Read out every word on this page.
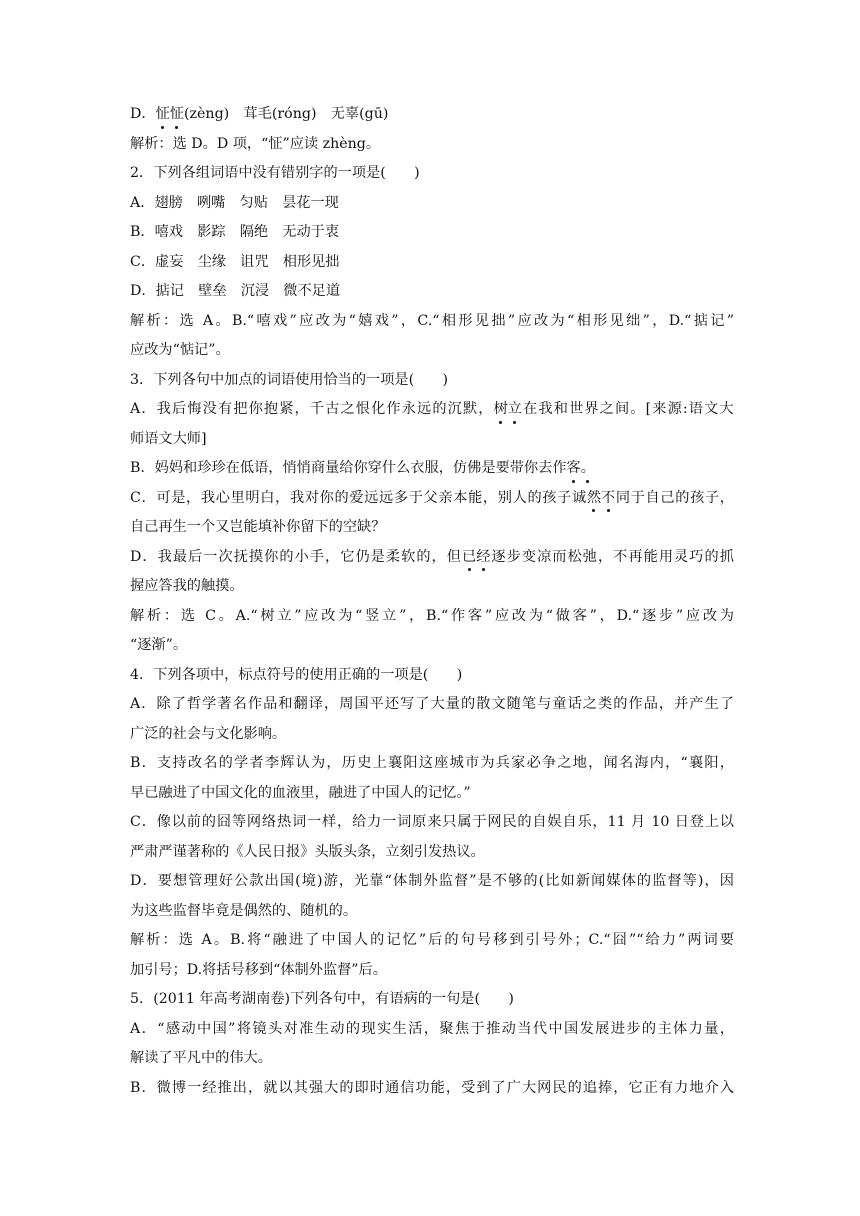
D．怔怔(zèng)　 茸毛(róng)　 无辜(gū)
解析：选 D。D 项，“怔”应读 zhèng。
2．下列各组词语中没有错别字的一项是(　　)
A．翅膀　咧嘴　匀贴　昙花一现
B．嘻戏　影踪　隔绝　无动于衷
C．虚妄　尘缘　诅咒　相形见拙
D．掂记　壁垒　沉浸　微不足道
解析：选 A。B.“嘻戏”应改为“嬉戏”，C.“相形见拙”应改为“相形见绌”，D.“掂记”
应改为“惦记”。
3．下列各句中加点的词语使用恰当的一项是(　　)
A．我后悔没有把你抱紧，千古之恨化作永远的沉默，树立在我和世界之间。[来源:语文大
师语文大师]
B．妈妈和珍珍在低语，悄悄商量给你穿什么衣服，仿佛是要带你去作客。
C．可是，我心里明白，我对你的爱远远多于父亲本能，别人的孩子诚然不同于自己的孩子，
自己再生一个又岂能填补你留下的空缺？
D．我最后一次抚摸你的小手，它仍是柔软的，但已经逐步变凉而松弛，不再能用灵巧的抓
握应答我的触摸。
解析：选 C。A.“树立”应改为“竖立”，B.“作客”应改为“做客”，D.“逐步”应改为
“逐渐”。
4．下列各项中，标点符号的使用正确的一项是(　　)
A．除了哲学著名作品和翻译，周国平还写了大量的散文随笔与童话之类的作品，并产生了
广泛的社会与文化影响。
B．支持改名的学者李辉认为，历史上襄阳这座城市为兵家必争之地，闻名海内，“襄阳，
早已融进了中国文化的血液里，融进了中国人的记忆。”
C．像以前的囧等网络热词一样，给力一词原来只属于网民的自娱自乐，11 月 10 日登上以
严肃严谨著称的《人民日报》头版头条，立刻引发热议。
D．要想管理好公款出国(境)游，光靠“体制外监督”是不够的(比如新闻媒体的监督等)，因
为这些监督毕竟是偶然的、随机的。
解析：选 A。B.将“融进了中国人的记忆”后的句号移到引号外；C.“囧”“给力”两词要
加引号；D.将括号移到“体制外监督”后。
5．(2011 年高考湖南卷)下列各句中，有语病的一句是(　　)
A．“感动中国”将镜头对准生动的现实生活，聚焦于推动当代中国发展进步的主体力量，
解读了平凡中的伟大。
B．微博一经推出，就以其强大的即时通信功能，受到了广大网民的追捧，它正有力地介入
